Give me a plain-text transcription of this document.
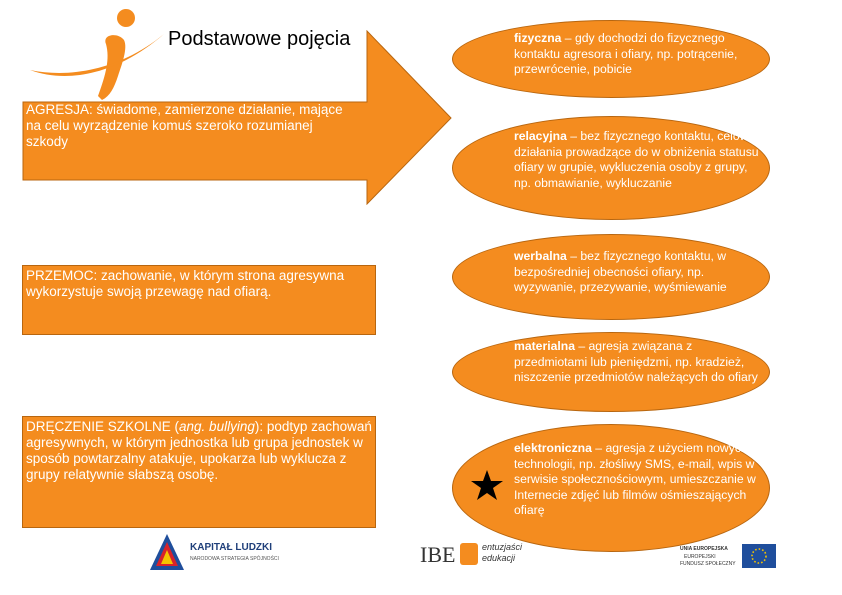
Podstawowe pojęcia
AGRESJA: świadome, zamierzone działanie, mające na celu wyrządzenie komuś szeroko rozumianej szkody
PRZEMOC: zachowanie, w którym strona agresywna wykorzystuje swoją przewagę nad ofiarą.
DRĘCZENIE SZKOLNE (ang. bullying): podtyp zachowań agresywnych, w którym jednostka lub grupa jednostek w sposób powtarzalny atakuje, upokarza lub wyklucza z grupy relatywnie słabszą osobę.
fizyczna – gdy dochodzi do fizycznego kontaktu agresora i ofiary, np. potrącenie, przewrócenie, pobicie
relacyjna – bez fizycznego kontaktu, celowe działania prowadzące do w obniżenia statusu ofiary w grupie, wykluczenia osoby z grupy, np. obmawianie, wykluczanie
werbalna – bez fizycznego kontaktu, w bezpośredniej obecności ofiary, np. wyzywanie, przezywanie, wyśmiewanie
materialna – agresja związana z przedmiotami lub pieniędzmi, np. kradzież, niszczenie przedmiotów należących do ofiary
elektroniczna – agresja z użyciem nowych technologii, np. złośliwy SMS, e-mail, wpis w serwisie społecznościowym, umieszczanie w Internecie zdjęć lub filmów ośmieszających ofiarę
KAPITAŁ LUDZKI
NARODOWA STRATEGIA SPÓJNOŚCI	IBE	entuzjaści
edukacji
UNIA EUROPEJSKA
EUROPEJSKI
FUNDUSZ SPOŁECZNY
